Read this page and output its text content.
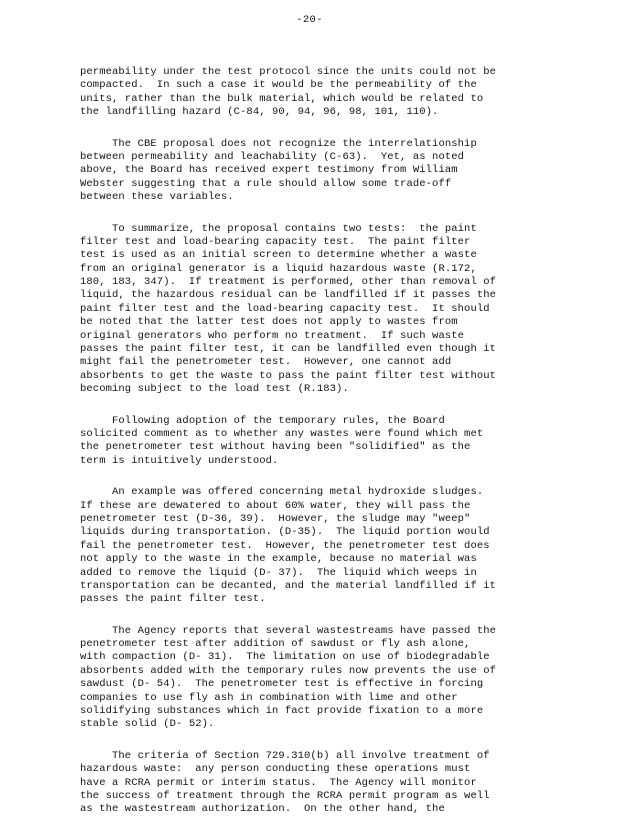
-20-
permeability under the test protocol since the units could not be
compacted.  In such a case it would be the permeability of the
units, rather than the bulk material, which would be related to
the landfilling hazard (C-84, 90, 94, 96, 98, 101, 110).
The CBE proposal does not recognize the interrelationship
between permeability and leachability (C-63).  Yet, as noted
above, the Board has received expert testimony from William
Webster suggesting that a rule should allow some trade-off
between these variables.
To summarize, the proposal contains two tests:  the paint
filter test and load-bearing capacity test.  The paint filter
test is used as an initial screen to determine whether a waste
from an original generator is a liquid hazardous waste (R.172,
180, 183, 347).  If treatment is performed, other than removal of
liquid, the hazardous residual can be landfilled if it passes the
paint filter test and the load-bearing capacity test.  It should
be noted that the latter test does not apply to wastes from
original generators who perform no treatment.  If such waste
passes the paint filter test, it can be landfilled even though it
might fail the penetrometer test.  However, one cannot add
absorbents to get the waste to pass the paint filter test without
becoming subject to the load test (R.183).
Following adoption of the temporary rules, the Board
solicited comment as to whether any wastes were found which met
the penetrometer test without having been "solidified" as the
term is intuitively understood.
An example was offered concerning metal hydroxide sludges.
If these are dewatered to about 60% water, they will pass the
penetrometer test (D-36, 39).  However, the sludge may "weep"
liquids during transportation. (D-35).  The liquid portion would
fail the penetrometer test.  However, the penetrometer test does
not apply to the waste in the example, because no material was
added to remove the liquid (D- 37).  The liquid which weeps in
transportation can be decanted, and the material landfilled if it
passes the paint filter test.
The Agency reports that several wastestreams have passed the
penetrometer test after addition of sawdust or fly ash alone,
with compaction (D- 31).  The limitation on use of biodegradable
absorbents added with the temporary rules now prevents the use of
sawdust (D- 54).  The penetrometer test is effective in forcing
companies to use fly ash in combination with lime and other
solidifying substances which in fact provide fixation to a more
stable solid (D- 52).
The criteria of Section 729.310(b) all involve treatment of
hazardous waste:  any person conducting these operations must
have a RCRA permit or interim status.  The Agency will monitor
the success of treatment through the RCRA permit program as well
as the wastestream authorization.  On the other hand, the
